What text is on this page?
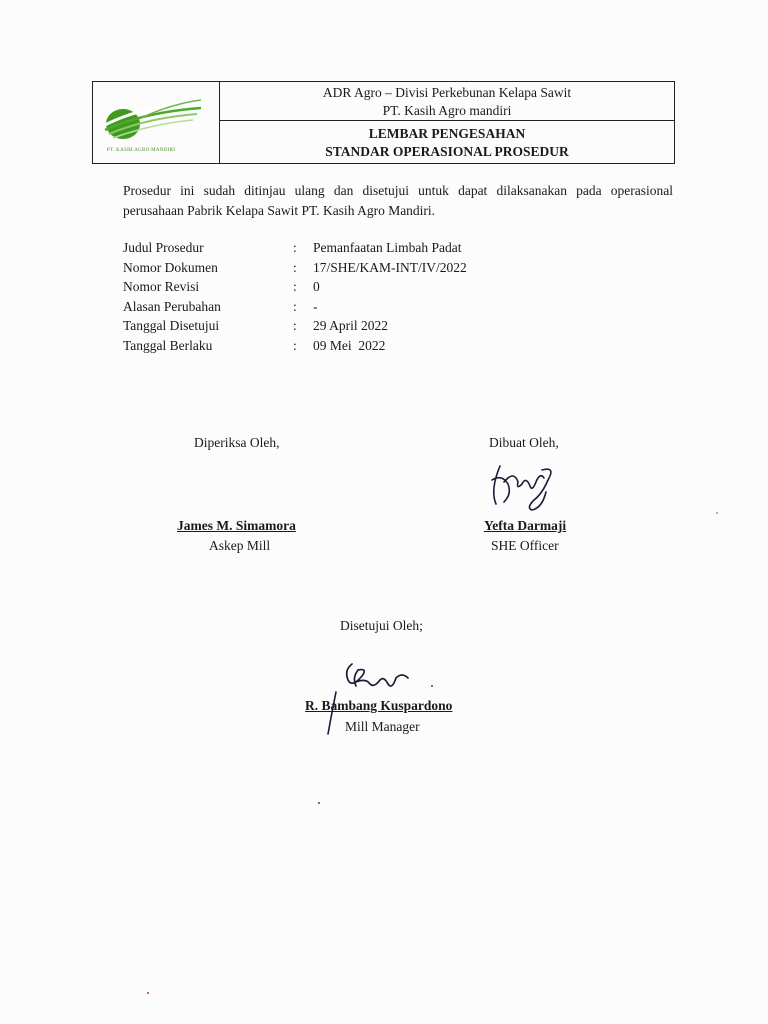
PT. KASIH AGRO MANDIRI
ADR Agro – Divisi Perkebunan Kelapa Sawit
PT. Kasih Agro mandiri
LEMBAR PENGESAHAN
STANDAR OPERASIONAL PROSEDUR
Prosedur ini sudah ditinjau ulang dan disetujui untuk dapat dilaksanakan pada operasional perusahaan Pabrik Kelapa Sawit PT. Kasih Agro Mandiri.
Judul Prosedur	:	Pemanfaatan Limbah Padat
Nomor Dokumen	:	17/SHE/KAM-INT/IV/2022
Nomor Revisi	:	0
Alasan Perubahan	:	-
Tanggal Disetujui	:	29 April 2022
Tanggal Berlaku	:	09 Mei  2022
Diperiksa Oleh,
James M. Simamora
Askep Mill
Dibuat Oleh,
Yefta Darmaji
SHE Officer
Disetujui Oleh;
R. Bambang Kuspardono
Mill Manager
